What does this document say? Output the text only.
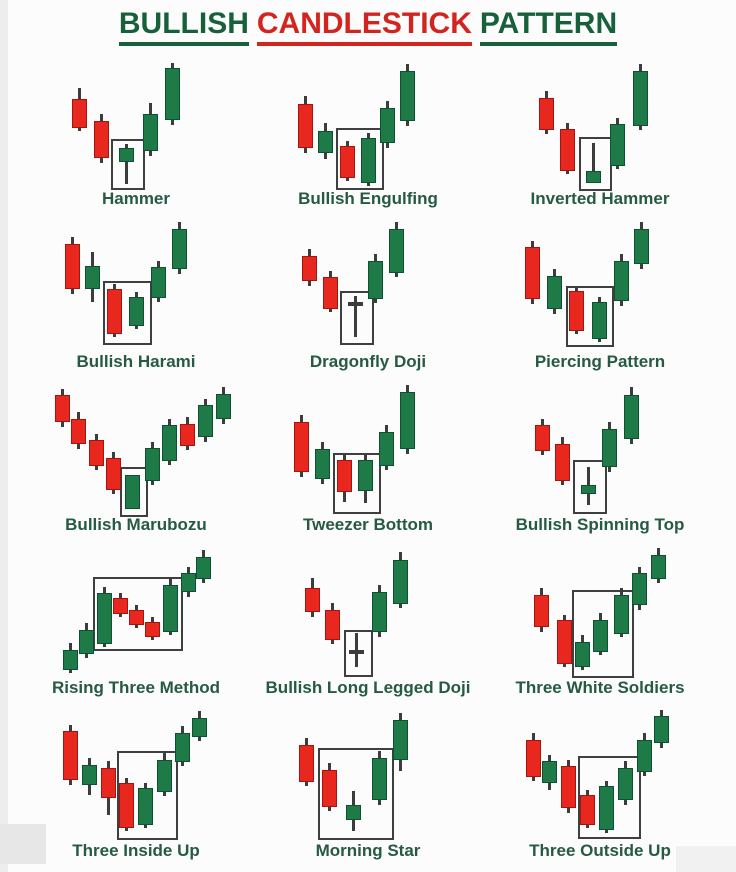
BULLISH CANDLESTICK PATTERN
Hammer	Bullish Engulfing	Inverted Hammer
Bullish Harami	Dragonfly Doji	Piercing Pattern
Bullish Marubozu	Tweezer Bottom	Bullish Spinning Top
Rising Three Method	Bullish Long Legged Doji	Three White Soldiers
Three Inside Up	Morning Star	Three Outside Up
